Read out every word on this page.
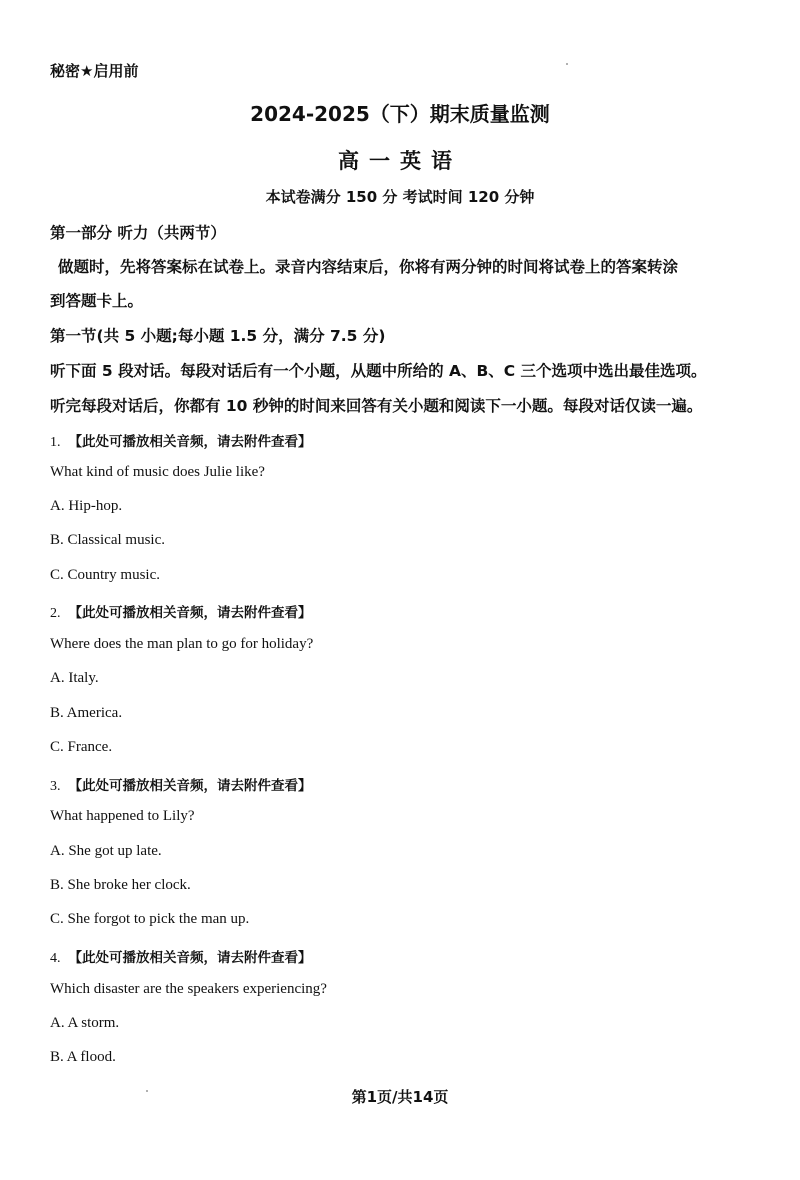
秘密★启用前
2024-2025（下）期末质量监测
高一英语
本试卷满分 150 分 考试时间 120 分钟
第一部分 听力（共两节）
做题时，先将答案标在试卷上。录音内容结束后，你将有两分钟的时间将试卷上的答案转涂
到答题卡上。
第一节(共 5 小题;每小题 1.5 分，满分 7.5 分)
听下面 5 段对话。每段对话后有一个小题，从题中所给的 A、B、C 三个选项中选出最佳选项。
听完每段对话后，你都有 10 秒钟的时间来回答有关小题和阅读下一小题。每段对话仅读一遍。
1. 【此处可播放相关音频，请去附件查看】
What kind of music does Julie like?
A. Hip-hop.
B. Classical music.
C. Country music.
2. 【此处可播放相关音频，请去附件查看】
Where does the man plan to go for holiday?
A. Italy.
B. America.
C. France.
3. 【此处可播放相关音频，请去附件查看】
What happened to Lily?
A. She got up late.
B. She broke her clock.
C. She forgot to pick the man up.
4. 【此处可播放相关音频，请去附件查看】
Which disaster are the speakers experiencing?
A. A storm.
B. A flood.
第1页/共14页
